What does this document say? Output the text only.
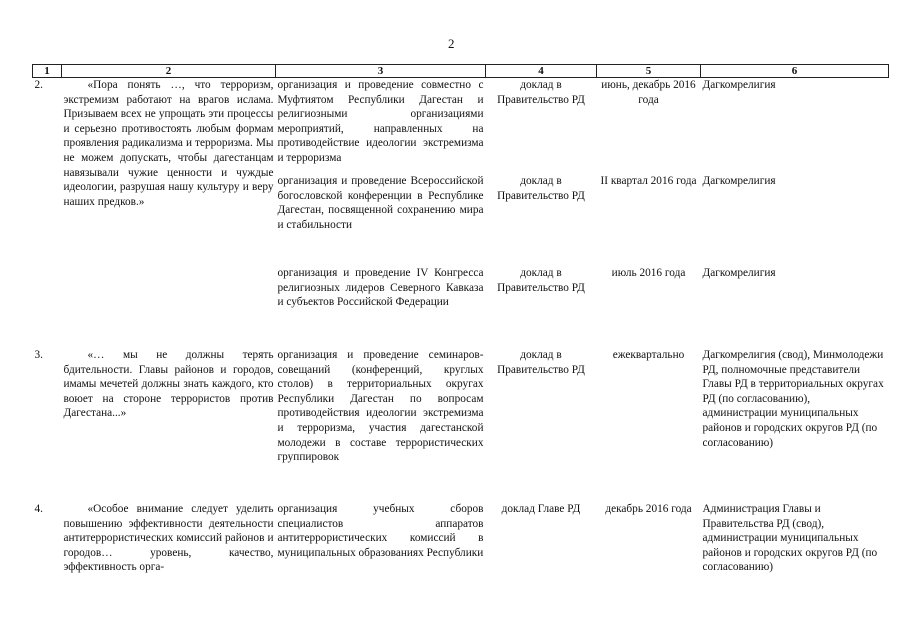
2
1	2	3	4	5	6
2.	«Пора понять …, что терроризм, экстремизм работают на врагов ислама. Призываем всех не упрощать эти процессы и серьезно противостоять любым формам проявления радикализма и терроризма. Мы не можем допускать, чтобы дагестанцам навязывали чужие ценности и чуждые идеологии, разрушая нашу культуру и веру наших предков.»	организация и проведение совместно с Муфтиятом Республики Дагестан и религиозными организациями мероприятий, направленных на противодействие идеологии экстремизма и терроризма	доклад в Правительство РД	июнь, декабрь 2016 года	Дагкомрелигия
		организация и проведение Всероссийской богословской конференции в Республике Дагестан, посвященной сохранению мира и стабильности	доклад в Правительство РД	II квартал 2016 года	Дагкомрелигия
		организация и проведение IV Конгресса религиозных лидеров Северного Кавказа и субъектов Российской Федерации	доклад в Правительство РД	июль 2016 года	Дагкомрелигия
3.	«… мы не должны терять бдительности. Главы районов и городов, имамы мечетей должны знать каждого, кто воюет на стороне террористов против Дагестана...»	организация и проведение семинаров-совещаний (конференций, круглых столов) в территориальных округах Республики Дагестан по вопросам противодействия идеологии экстремизма и терроризма, участия дагестанской молодежи в составе террористических группировок	доклад в Правительство РД	ежеквартально	Дагкомрелигия (свод), Минмолодежи РД, полномочные представители Главы РД в территориальных округах РД (по согласованию), администрации муниципальных районов и городских округов РД (по согласованию)
4.	«Особое внимание следует уделить повышению эффективности деятельности антитеррористических комиссий районов и городов… уровень, качество, эффективность орга-	организация учебных сборов специалистов аппаратов антитеррористических комиссий в муниципальных образованиях Республики	доклад Главе РД	декабрь 2016 года	Администрация Главы и Правительства РД (свод), администрации муниципальных районов и городских округов РД (по согласованию)
